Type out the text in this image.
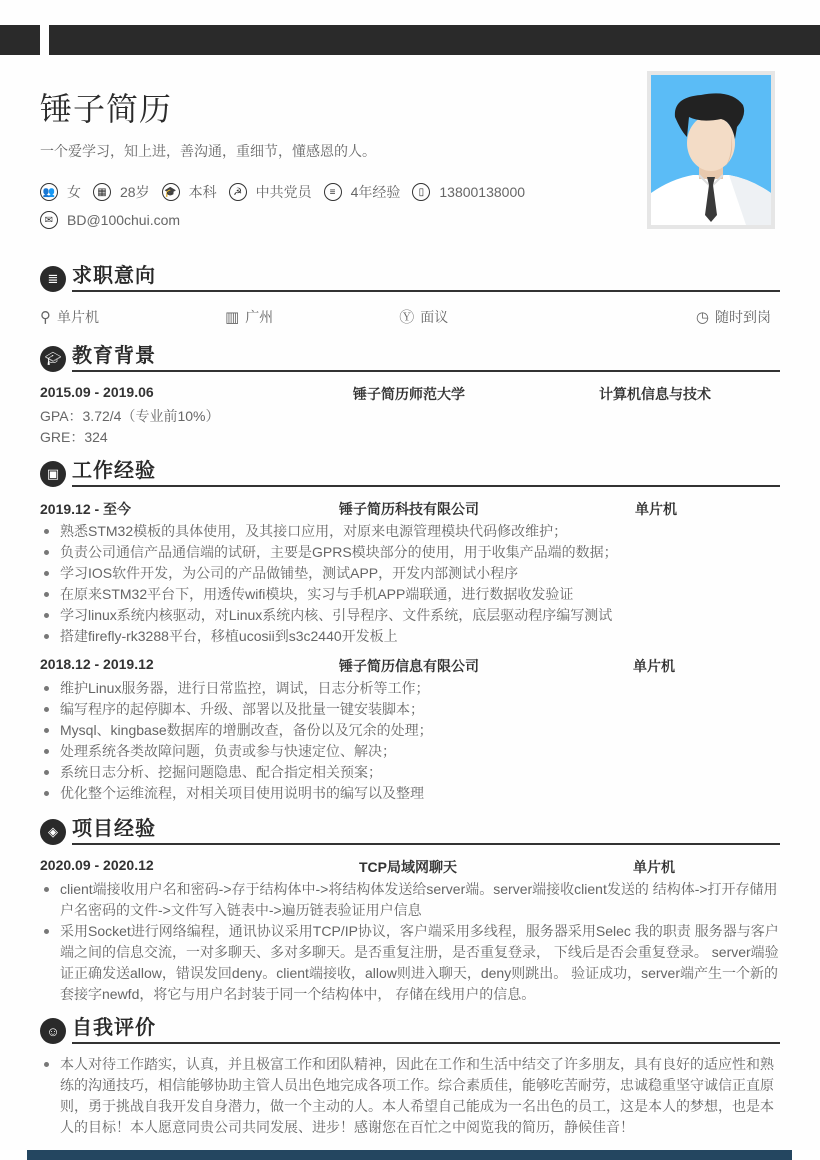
锤子简历
一个爱学习，知上进，善沟通，重细节，懂感恩的人。
👥 女	▦ 28岁 🎓 本科	☭ 中共党员	≡	4年经验	▯	13800138000
✉ BD@100chui.com
≣ 求职意向
⚲ 单片机	▥ 广州	Ⓨ 面议	◷ 随时到岗
🎓︎ 教育背景
2015.09 - 2019.06	锤子简历师范大学	计算机信息与技术
GPA：3.72/4（专业前10%）
GRE：324
▣ 工作经验
2019.12 - 至今	锤子简历科技有限公司	单片机
熟悉STM32模板的具体使用，及其接口应用，对原来电源管理模块代码修改维护；
负责公司通信产品通信端的试研，主要是GPRS模块部分的使用，用于收集产品端的数据；
学习IOS软件开发，为公司的产品做铺垫，测试APP，开发内部测试小程序
在原来STM32平台下，用透传wifi模块，实习与手机APP端联通，进行数据收发验证
学习linux系统内核驱动，对Linux系统内核、引导程序、文件系统，底层驱动程序编写测试
搭建firefly-rk3288平台，移植ucosii到s3c2440开发板上
2018.12 - 2019.12	锤子简历信息有限公司	单片机
维护Linux服务器，进行日常监控，调试，日志分析等工作；
编写程序的起停脚本、升级、部署以及批量一键安装脚本；
Mysql、kingbase数据库的增删改查，备份以及冗余的处理；
处理系统各类故障问题，负责或参与快速定位、解决；
系统日志分析、挖掘问题隐患、配合指定相关预案；
优化整个运维流程，对相关项目使用说明书的编写以及整理
◈ 项目经验
2020.09 - 2020.12	TCP局域网聊天	单片机
client端接收用户名和密码->存于结构体中->将结构体发送给server端。server端接收client发送的 结构体->打开存储用户名密码的文件->文件写入链表中->遍历链表验证用户信息
采用Socket进行网络编程，通讯协议采用TCP/IP协议，客户端采用多线程，服务器采用Selec 我的职责 服务器与客户端之间的信息交流，一对多聊天、多对多聊天。是否重复注册，是否重复登录， 下线后是否会重复登录。 server端验证正确发送allow，错误发回deny。client端接收，allow则进入聊天，deny则跳出。 验证成功，server端产生一个新的套接字newfd，将它与用户名封装于同一个结构体中， 存储在线用户的信息。
☺ 自我评价
本人对待工作踏实，认真，并且极富工作和团队精神，因此在工作和生活中结交了许多朋友，具有良好的适应性和熟练的沟通技巧，相信能够协助主管人员出色地完成各项工作。综合素质佳，能够吃苦耐劳，忠诚稳重坚守诚信正直原则，勇于挑战自我开发自身潜力，做一个主动的人。本人希望自己能成为一名出色的员工，这是本人的梦想，也是本人的目标！本人愿意同贵公司共同发展、进步！感谢您在百忙之中阅览我的简历，静候佳音！
